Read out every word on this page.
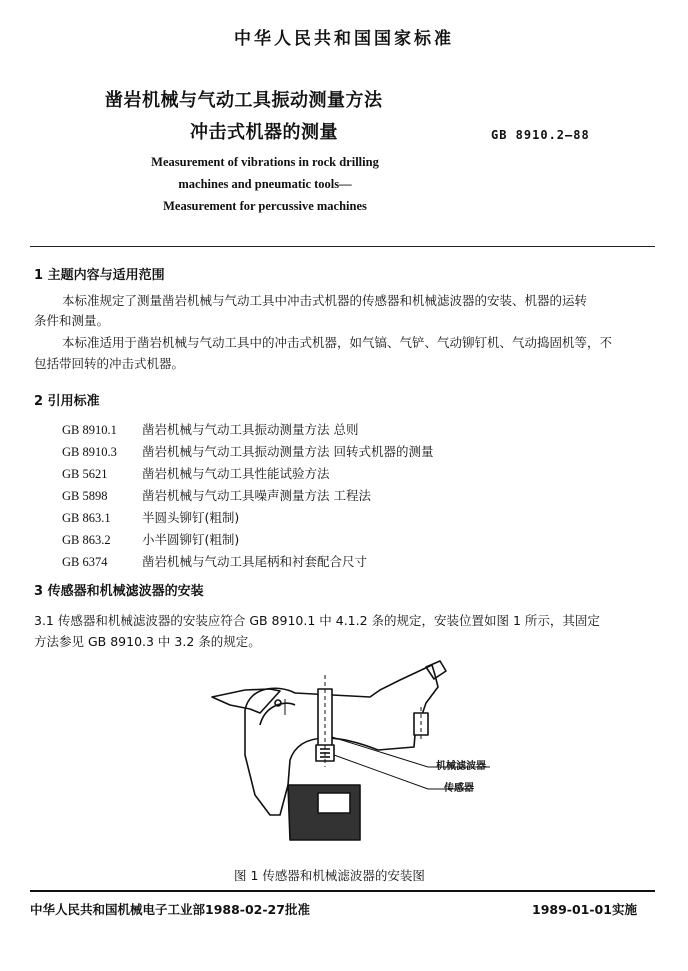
中华人民共和国国家标准
凿岩机械与气动工具振动测量方法
冲击式机器的测量	GB 8910.2—88
Measurement of vibrations in rock drilling
machines and pneumatic tools—
Measurement for percussive machines
1 主题内容与适用范围
本标准规定了测量凿岩机械与气动工具中冲击式机器的传感器和机械滤波器的安装、机器的运转
条件和测量。
本标准适用于凿岩机械与气动工具中的冲击式机器，如气镐、气铲、气动铆钉机、气动捣固机等，不
包括带回转的冲击式机器。
2 引用标准
GB 8910.1 凿岩机械与气动工具振动测量方法 总则
GB 8910.3 凿岩机械与气动工具振动测量方法 回转式机器的测量
GB 5621	凿岩机械与气动工具性能试验方法
GB 5898	凿岩机械与气动工具噪声测量方法 工程法
GB 863.1	半圆头铆钉(粗制)
GB 863.2	小半圆铆钉(粗制)
GB 6374	凿岩机械与气动工具尾柄和衬套配合尺寸
3 传感器和机械滤波器的安装
3.1 传感器和机械滤波器的安装应符合 GB 8910.1 中 4.1.2 条的规定，安装位置如图 1 所示，其固定
方法参见 GB 8910.3 中 3.2 条的规定。
机械滤波器
传感器
图 1 传感器和机械滤波器的安装图
中华人民共和国机械电子工业部1988-02-27批准	1989-01-01实施
